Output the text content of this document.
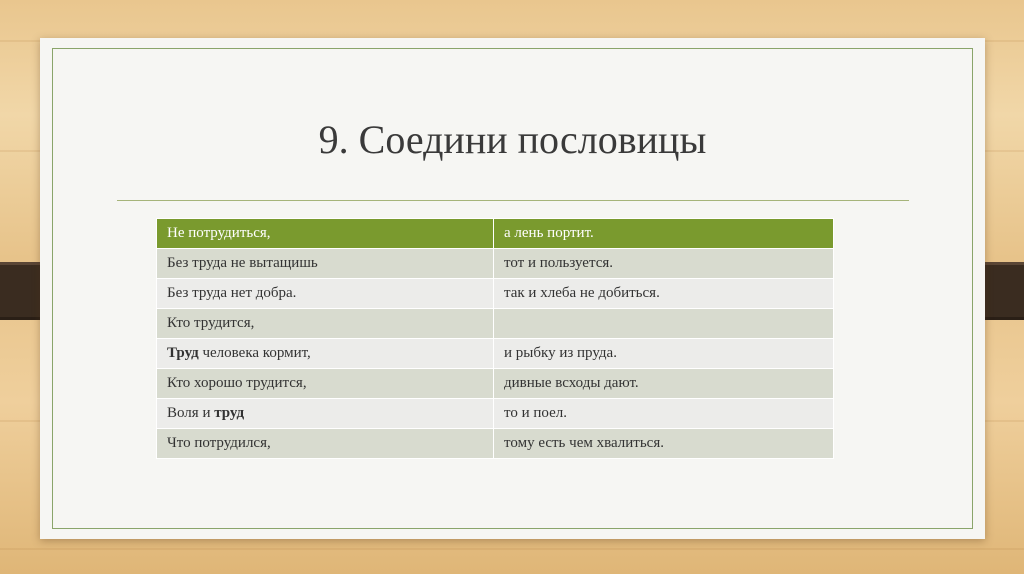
9. Соедини пословицы
Не потрудиться,	а лень портит.
Без труда не вытащишь	тот и пользуется.
Без труда нет добра.	так и хлеба не добиться.
Кто трудится,	
Труд человека кормит,	и рыбку из пруда.
Кто хорошо трудится,	дивные всходы дают.
Воля и труд	то и поел.
Что потрудился,	тому есть чем хвалиться.
